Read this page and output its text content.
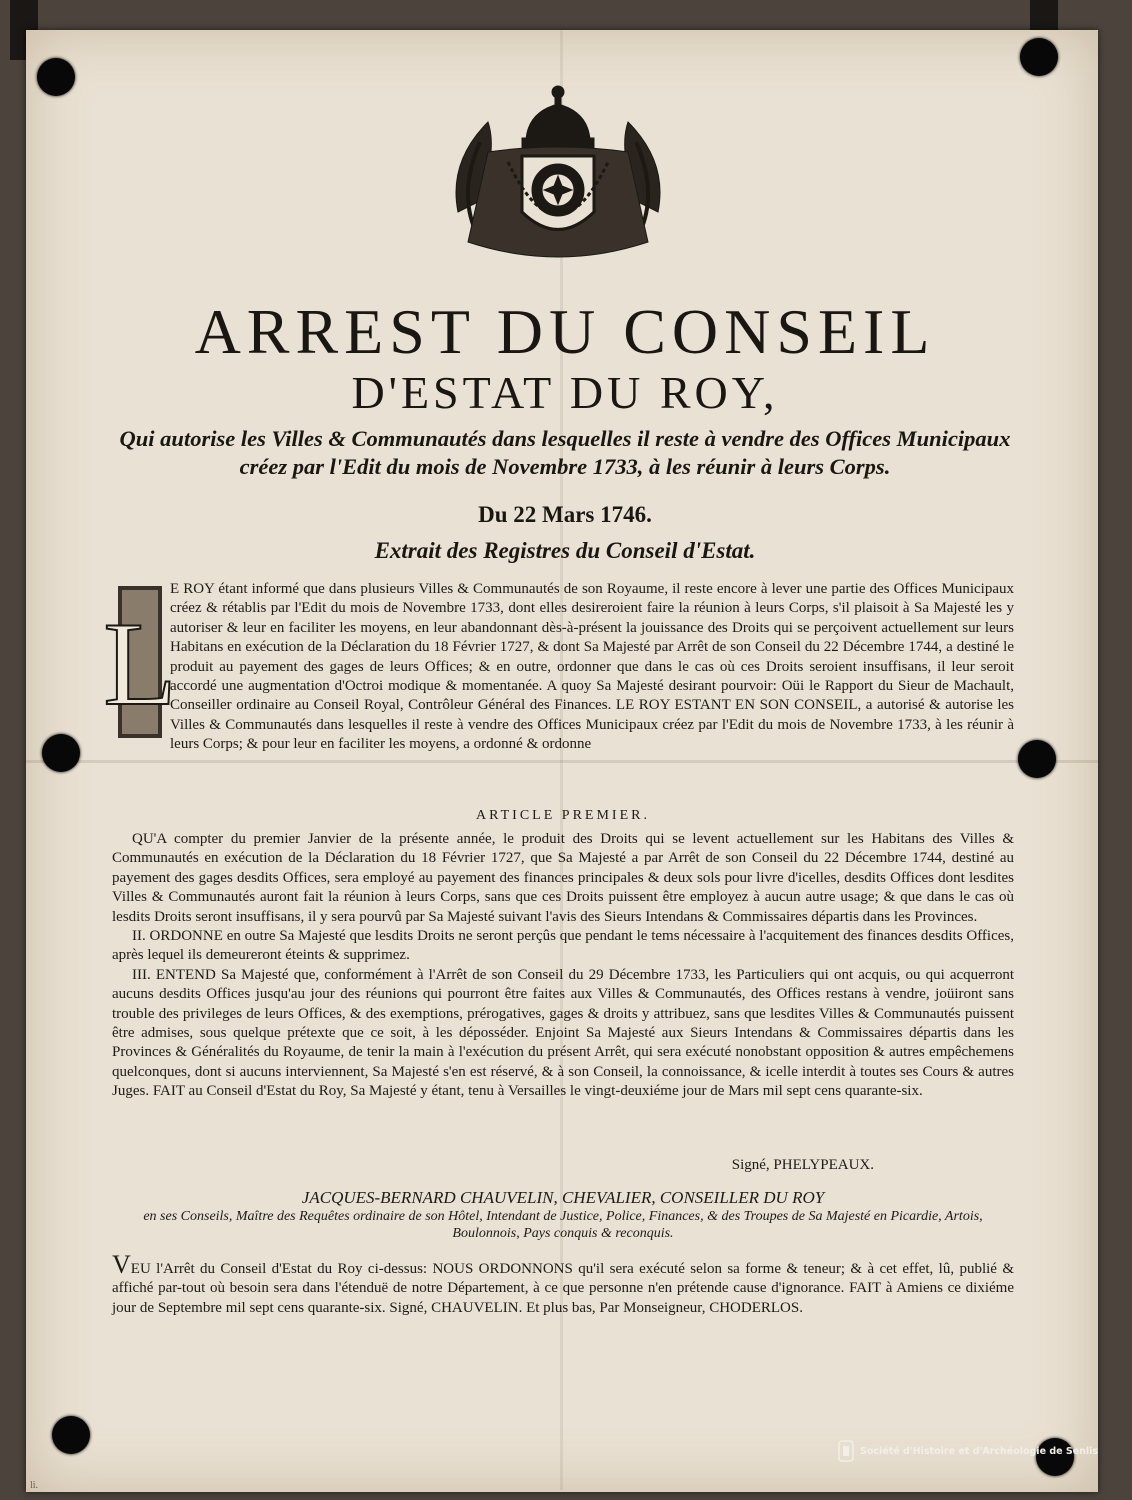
ARREST DU CONSEIL
D'ESTAT DU ROY,
Qui autorise les Villes & Communautés dans lesquelles il reste à vendre des Offices Municipaux créez par l'Edit du mois de Novembre 1733, à les réunir à leurs Corps.
Du 22 Mars 1746.
Extrait des Registres du Conseil d'Estat.
L
E ROY étant informé que dans plusieurs Villes & Communautés de son Royaume, il reste encore à lever une partie des Offices Municipaux créez & rétablis par l'Edit du mois de Novembre 1733, dont elles desireroient faire la réunion à leurs Corps, s'il plaisoit à Sa Majesté les y autoriser & leur en faciliter les moyens, en leur abandonnant dès-à-présent la jouissance des Droits qui se perçoivent actuellement sur leurs Habitans en exécution de la Déclaration du 18 Février 1727, & dont Sa Majesté par Arrêt de son Conseil du 22 Décembre 1744, a destiné le produit au payement des gages de leurs Offices; & en outre, ordonner que dans le cas où ces Droits seroient insuffisans, il leur seroit accordé une augmentation d'Octroi modique & momentanée. A quoy Sa Majesté desirant pourvoir: Oüi le Rapport du Sieur de Machault, Conseiller ordinaire au Conseil Royal, Contrôleur Général des Finances. LE ROY ESTANT EN SON CONSEIL, a autorisé & autorise les Villes & Communautés dans lesquelles il reste à vendre des Offices Municipaux créez par l'Edit du mois de Novembre 1733, à les réunir à leurs Corps; & pour leur en faciliter les moyens, a ordonné & ordonne
ARTICLE PREMIER.
QU'A compter du premier Janvier de la présente année, le produit des Droits qui se levent actuellement sur les Habitans des Villes & Communautés en exécution de la Déclaration du 18 Février 1727, que Sa Majesté a par Arrêt de son Conseil du 22 Décembre 1744, destiné au payement des gages desdits Offices, sera employé au payement des finances principales & deux sols pour livre d'icelles, desdits Offices dont lesdites Villes & Communautés auront fait la réunion à leurs Corps, sans que ces Droits puissent être employez à aucun autre usage; & que dans le cas où lesdits Droits seront insuffisans, il y sera pourvû par Sa Majesté suivant l'avis des Sieurs Intendans & Commissaires départis dans les Provinces.
II. ORDONNE en outre Sa Majesté que lesdits Droits ne seront perçûs que pendant le tems nécessaire à l'acquitement des finances desdits Offices, après lequel ils demeureront éteints & supprimez.
III. ENTEND Sa Majesté que, conformément à l'Arrêt de son Conseil du 29 Décembre 1733, les Particuliers qui ont acquis, ou qui acquerront aucuns desdits Offices jusqu'au jour des réunions qui pourront être faites aux Villes & Communautés, des Offices restans à vendre, joüiront sans trouble des privileges de leurs Offices, & des exemptions, prérogatives, gages & droits y attribuez, sans que lesdites Villes & Communautés puissent être admises, sous quelque prétexte que ce soit, à les déposséder. Enjoint Sa Majesté aux Sieurs Intendans & Commissaires départis dans les Provinces & Généralités du Royaume, de tenir la main à l'exécution du présent Arrêt, qui sera exécuté nonobstant opposition & autres empêchemens quelconques, dont si aucuns interviennent, Sa Majesté s'en est réservé, & à son Conseil, la connoissance, & icelle interdit à toutes ses Cours & autres Juges. FAIT au Conseil d'Estat du Roy, Sa Majesté y étant, tenu à Versailles le vingt-deuxiéme jour de Mars mil sept cens quarante-six.
Signé, PHELYPEAUX.
JACQUES-BERNARD CHAUVELIN, CHEVALIER, CONSEILLER DU ROY
en ses Conseils, Maître des Requêtes ordinaire de son Hôtel, Intendant de Justice, Police, Finances, & des Troupes de Sa Majesté en Picardie, Artois, Boulonnois, Pays conquis & reconquis.
VEU l'Arrêt du Conseil d'Estat du Roy ci-dessus: NOUS ORDONNONS qu'il sera exécuté selon sa forme & teneur; & à cet effet, lû, publié & affiché par-tout où besoin sera dans l'étenduë de notre Département, à ce que personne n'en prétende cause d'ignorance. FAIT à Amiens ce dixiéme jour de Septembre mil sept cens quarante-six. Signé, CHAUVELIN. Et plus bas, Par Monseigneur, CHODERLOS.
Société d'Histoire et d'Archéologie de Senlis
li.
